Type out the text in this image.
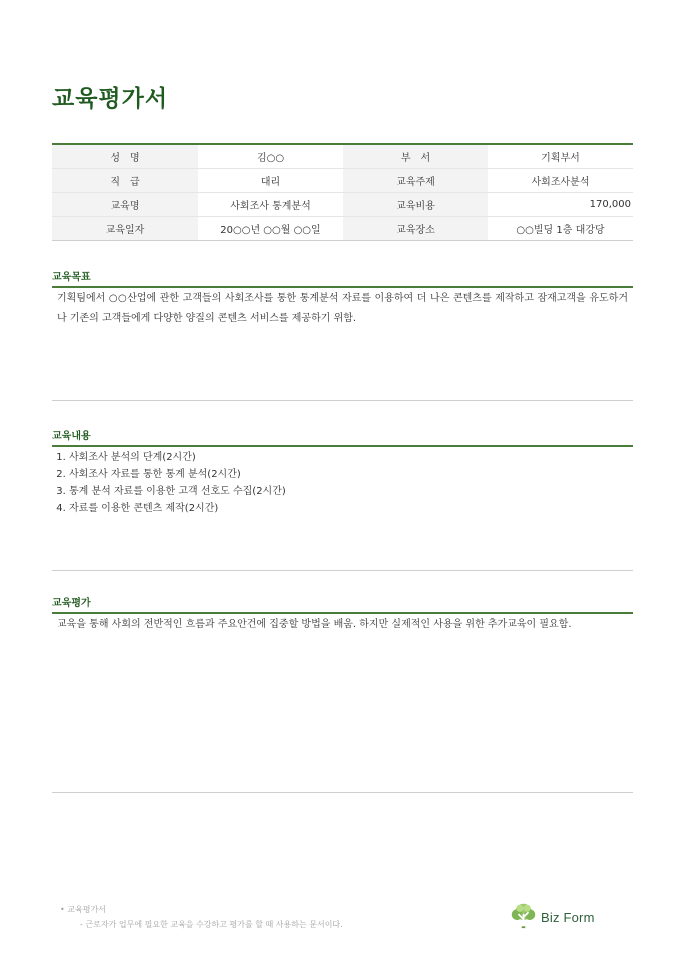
교육평가서
성　명	김○○	부　서	기획부서
직　급	대리	교육주제	사회조사분석
교육명	사회조사 통계분석	교육비용	170,000
교육일자	20○○년 ○○월 ○○일	교육장소	○○빌딩 1층 대강당
교육목표

기획팀에서 ○○산업에 관한 고객들의 사회조사를 통한 통계분석 자료를 이용하여 더 나은 콘텐츠를 제작하고 잠재고객을 유도하거나 기존의 고객들에게 다양한 양질의 콘텐츠 서비스를 제공하기 위함.

교육내용
1. 사회조사 분석의 단계(2시간)
2. 사회조사 자료를 통한 통계 분석(2시간)
3. 통계 분석 자료를 이용한 고객 선호도 수집(2시간)
4. 자료를 이용한 콘텐츠 제작(2시간)
교육평가

교육을 통해 사회의 전반적인 흐름과 주요안건에 집중할 방법을 배움. 하지만 실제적인 사용을 위한 추가교육이 필요함.

• 교육평가서
- 근로자가 업무에 필요한 교육을 수강하고 평가를 할 때 사용하는 문서이다.	Biz Form
